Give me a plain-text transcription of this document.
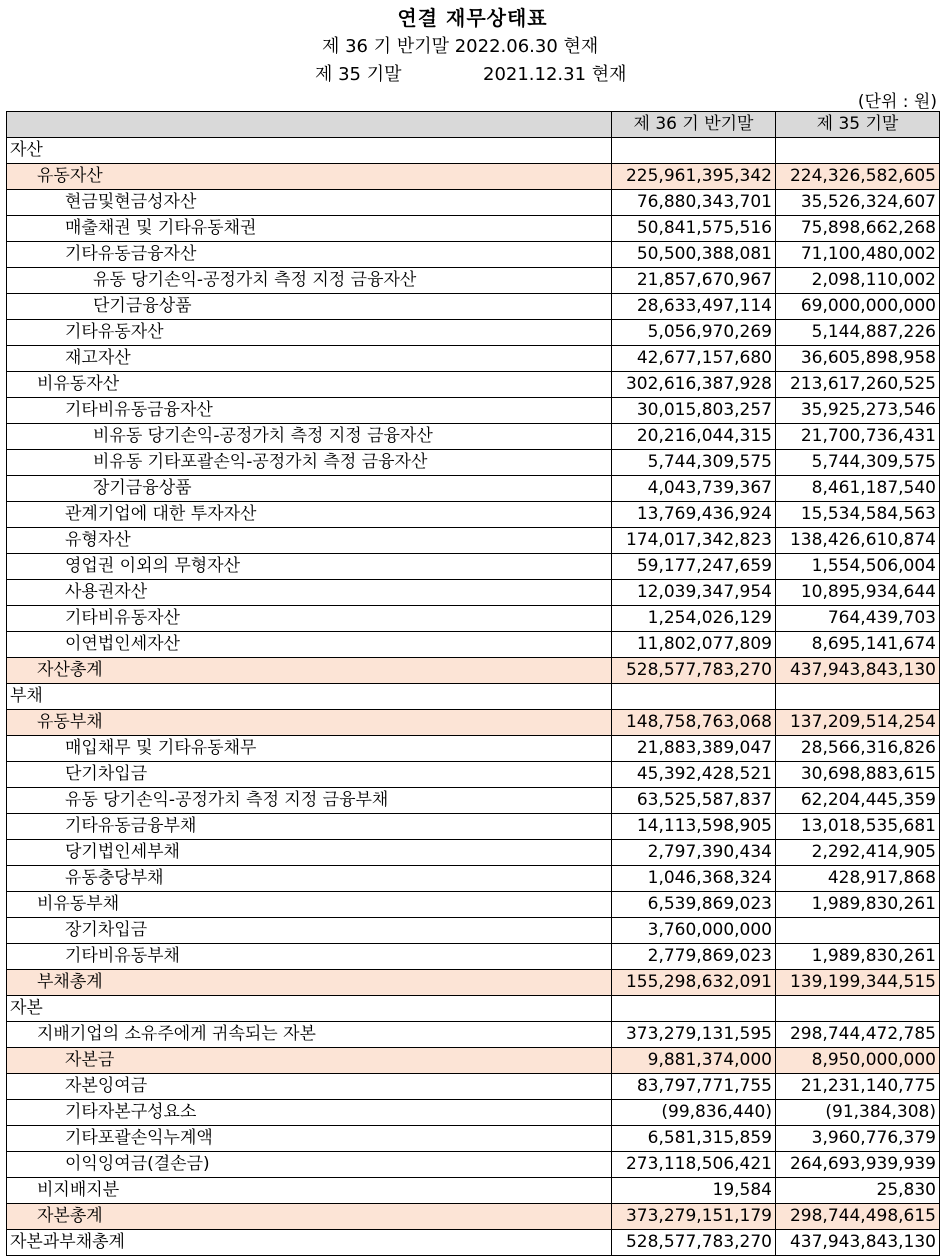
연결 재무상태표
제 36 기 반기말 2022.06.30 현재
제 35 기말	2021.12.31 현재
(단위 : 원)
	제 36 기 반기말	제 35 기말
자산		
유동자산	225,961,395,342	224,326,582,605
현금및현금성자산	76,880,343,701	35,526,324,607
매출채권 및 기타유동채권	50,841,575,516	75,898,662,268
기타유동금융자산	50,500,388,081	71,100,480,002
유동 당기손익-공정가치 측정 지정 금융자산	21,857,670,967	2,098,110,002
단기금융상품	28,633,497,114	69,000,000,000
기타유동자산	5,056,970,269	5,144,887,226
재고자산	42,677,157,680	36,605,898,958
비유동자산	302,616,387,928	213,617,260,525
기타비유동금융자산	30,015,803,257	35,925,273,546
비유동 당기손익-공정가치 측정 지정 금융자산	20,216,044,315	21,700,736,431
비유동 기타포괄손익-공정가치 측정 금융자산	5,744,309,575	5,744,309,575
장기금융상품	4,043,739,367	8,461,187,540
관계기업에 대한 투자자산	13,769,436,924	15,534,584,563
유형자산	174,017,342,823	138,426,610,874
영업권 이외의 무형자산	59,177,247,659	1,554,506,004
사용권자산	12,039,347,954	10,895,934,644
기타비유동자산	1,254,026,129	764,439,703
이연법인세자산	11,802,077,809	8,695,141,674
자산총계	528,577,783,270	437,943,843,130
부채		
유동부채	148,758,763,068	137,209,514,254
매입채무 및 기타유동채무	21,883,389,047	28,566,316,826
단기차입금	45,392,428,521	30,698,883,615
유동 당기손익-공정가치 측정 지정 금융부채	63,525,587,837	62,204,445,359
기타유동금융부채	14,113,598,905	13,018,535,681
당기법인세부채	2,797,390,434	2,292,414,905
유동충당부채	1,046,368,324	428,917,868
비유동부채	6,539,869,023	1,989,830,261
장기차입금	3,760,000,000	
기타비유동부채	2,779,869,023	1,989,830,261
부채총계	155,298,632,091	139,199,344,515
자본		
지배기업의 소유주에게 귀속되는 자본	373,279,131,595	298,744,472,785
자본금	9,881,374,000	8,950,000,000
자본잉여금	83,797,771,755	21,231,140,775
기타자본구성요소	(99,836,440)	(91,384,308)
기타포괄손익누계액	6,581,315,859	3,960,776,379
이익잉여금(결손금)	273,118,506,421	264,693,939,939
비지배지분	19,584	25,830
자본총계	373,279,151,179	298,744,498,615
자본과부채총계	528,577,783,270	437,943,843,130
